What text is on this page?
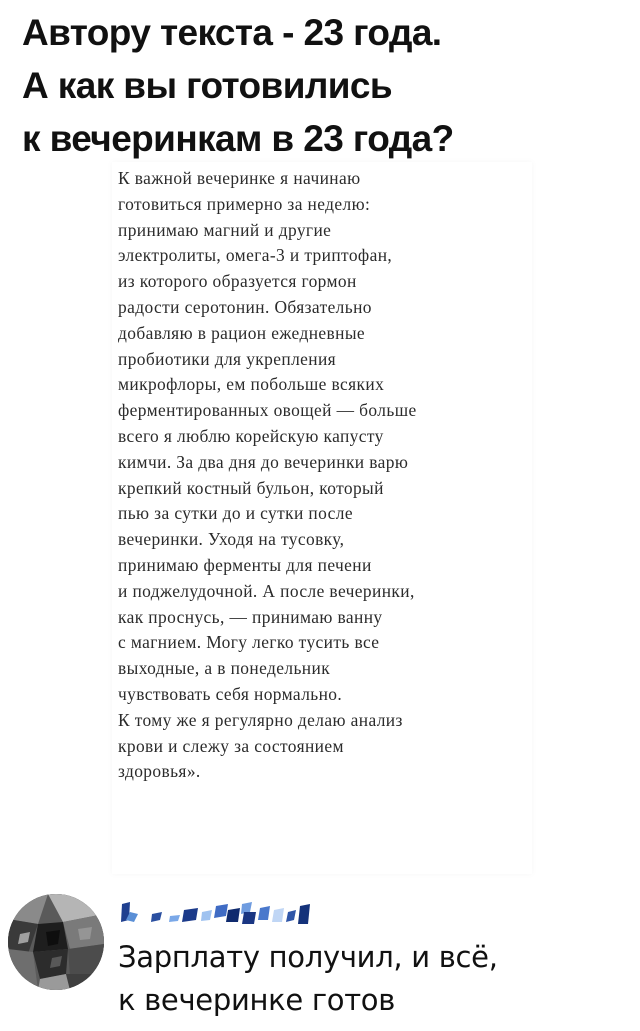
Автору текста - 23 года.
А как вы готовились
к вечеринкам в 23 года?
К важной вечеринке я начинаю
готовиться примерно за неделю:
принимаю магний и другие
электролиты, омега-3 и триптофан,
из которого образуется гормон
радости серотонин. Обязательно
добавляю в рацион ежедневные
пробиотики для укрепления
микрофлоры, ем побольше всяких
ферментированных овощей — больше
всего я люблю корейскую капусту
кимчи. За два дня до вечеринки варю
крепкий костный бульон, который
пью за сутки до и сутки после
вечеринки. Уходя на тусовку,
принимаю ферменты для печени
и поджелудочной. А после вечеринки,
как проснусь, — принимаю ванну
с магнием. Могу легко тусить все
выходные, а в понедельник
чувствовать себя нормально.
К тому же я регулярно делаю анализ
крови и слежу за состоянием
здоровья».
Зарплату получил, и всё,
к вечеринке готов
